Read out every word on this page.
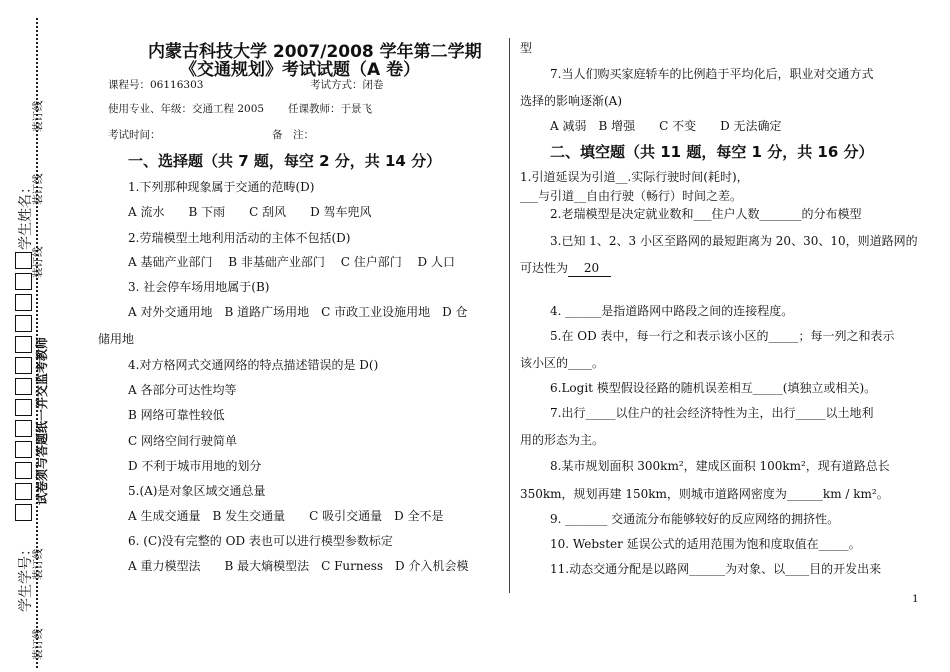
装订线
装订线
装订线
装订线
装订线
试卷须与答题纸一并交监考教师
学生姓名：
学生学号：
内蒙古科技大学 2007/2008 学年第二学期
《交通规划》考试试题（A 卷）
课程号：06116303	考试方式：闭卷
使用专业、年级：交通工程 2005 任课教师：于景飞
考试时间：	备　注：
一、选择题（共 7 题，每空 2 分，共 14 分）
1.下列那种现象属于交通的范畴(D)
A 流水　　B 下雨　　C 刮风　　D 驾车兜风
2.劳瑞模型土地利用活动的主体不包括(D)
A 基础产业部门　 B 非基础产业部门　 C 住户部门　 D 人口
3. 社会停车场用地属于(B)
A 对外交通用地　B 道路广场用地　C 市政工业设施用地　D 仓
储用地
4.对方格网式交通网络的特点描述错误的是 D()
A 各部分可达性均等
B 网络可靠性较低
C 网络空间行驶简单
D 不利于城市用地的划分
5.(A)是对象区域交通总量
A 生成交通量　B 发生交通量　　C 吸引交通量　D 全不是
6. (C)没有完整的 OD 表也可以进行模型参数标定
A 重力模型法　　B 最大熵模型法　C Furness　D 介入机会模
型
7.当人们购买家庭轿车的比例趋于平均化后，职业对交通方式
选择的影响逐渐(A)
A 减弱　B 增强　　C 不变　　D 无法确定
二、填空题（共 11 题，每空 1 分，共 16 分）
1.引道延误为引道__.实际行驶时间(耗时)，
___与引道__自由行驶（畅行）时间之差。
2.老瑞模型是决定就业数和___住户人数_______的分布模型
3.已知 1、2、3 小区至路网的最短距离为 20、30、10，则道路网的
可达性为　 20　
4. ______是指道路网中路段之间的连接程度。
5.在 OD 表中，每一行之和表示该小区的_____；每一列之和表示
该小区的____。
6.Logit 模型假设径路的随机误差相互_____(填独立或相关)。
7.出行_____以住户的社会经济特性为主，出行_____以土地利
用的形态为主。
8.某市规划面积 300km²，建成区面积 100km²，现有道路总长
350km，规划再建 150km，则城市道路网密度为______km / km²。
9. _______ 交通流分布能够较好的反应网络的拥挤性。
10. Webster 延误公式的适用范围为饱和度取值在_____。
11.动态交通分配是以路网______为对象、以____目的开发出来
1
